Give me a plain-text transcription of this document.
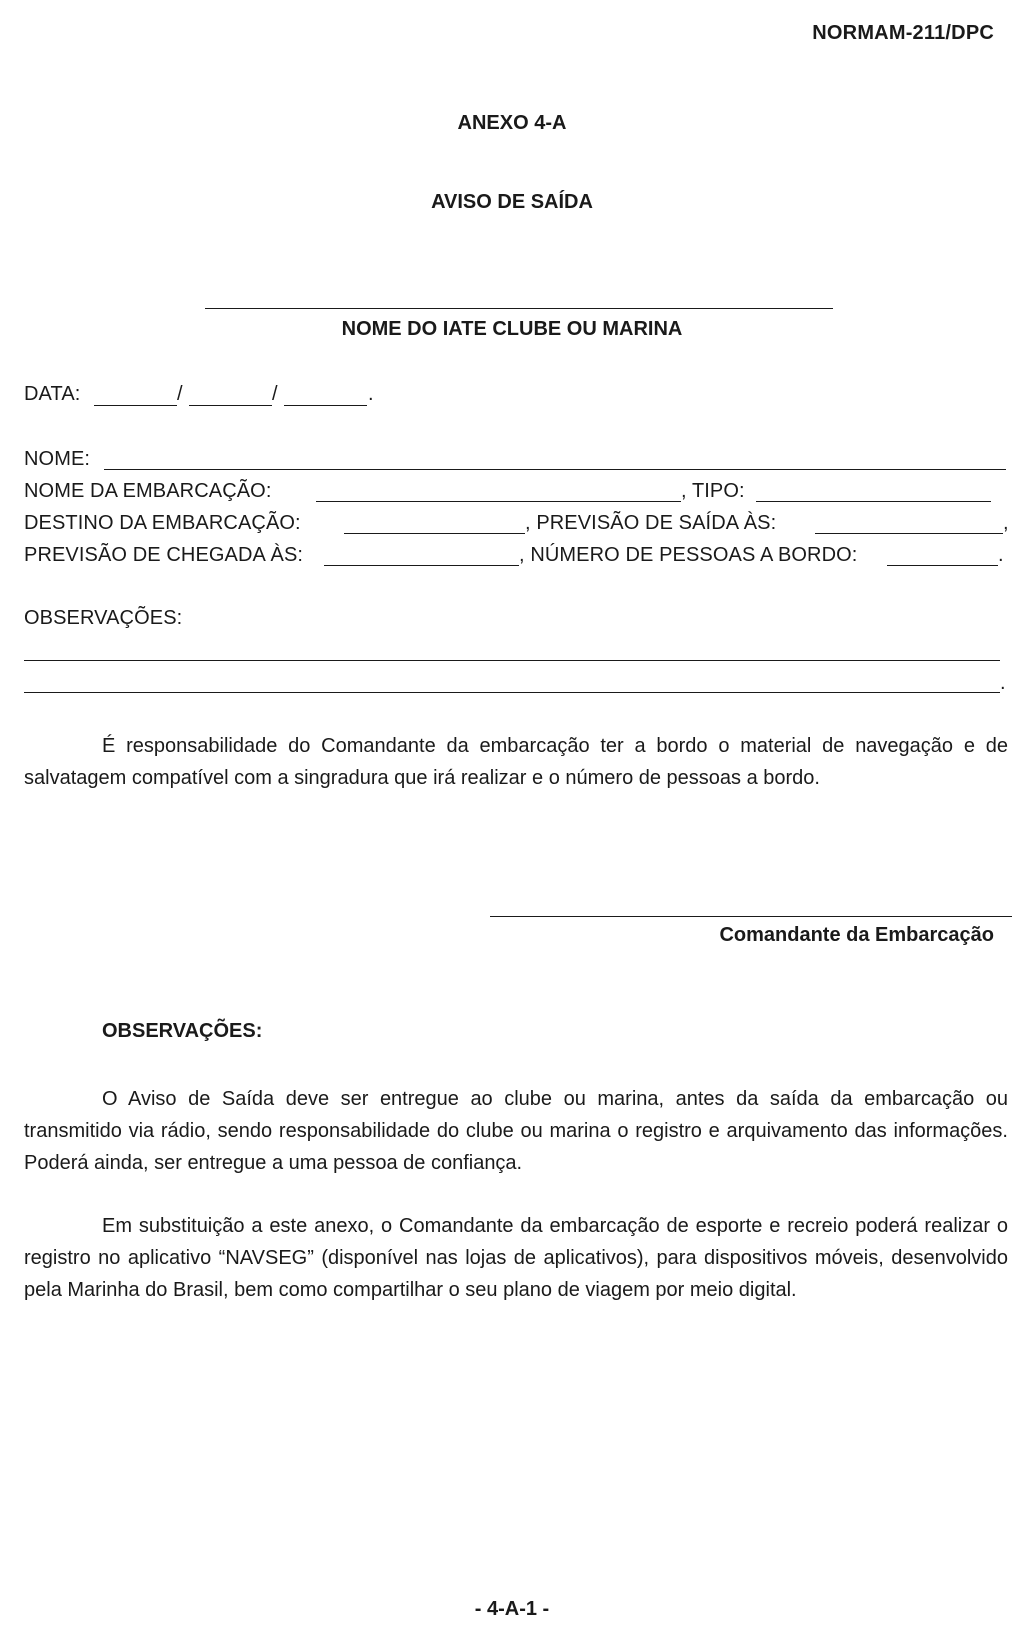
NORMAM-211/DPC
ANEXO 4-A
AVISO DE SAÍDA
NOME DO IATE CLUBE OU MARINA
DATA:	/	/	.
NOME:
NOME DA EMBARCAÇÃO:	, TIPO:
DESTINO DA EMBARCAÇÃO:	, PREVISÃO DE SAÍDA ÀS:	,
PREVISÃO DE CHEGADA ÀS:	, NÚMERO DE PESSOAS A BORDO:	.
OBSERVAÇÕES:
.
É responsabilidade do Comandante da embarcação ter a bordo o material de navegação e de salvatagem compatível com a singradura que irá realizar e o número de pessoas a bordo.
Comandante da Embarcação
OBSERVAÇÕES:
O Aviso de Saída deve ser entregue ao clube ou marina, antes da saída da embarcação ou transmitido via rádio, sendo responsabilidade do clube ou marina o registro e arquivamento das informações. Poderá ainda, ser entregue a uma pessoa de confiança.
Em substituição a este anexo, o Comandante da embarcação de esporte e recreio poderá realizar o registro no aplicativo “NAVSEG” (disponível nas lojas de aplicativos), para dispositivos móveis, desenvolvido pela Marinha do Brasil, bem como compartilhar o seu plano de viagem por meio digital.
- 4-A-1 -
